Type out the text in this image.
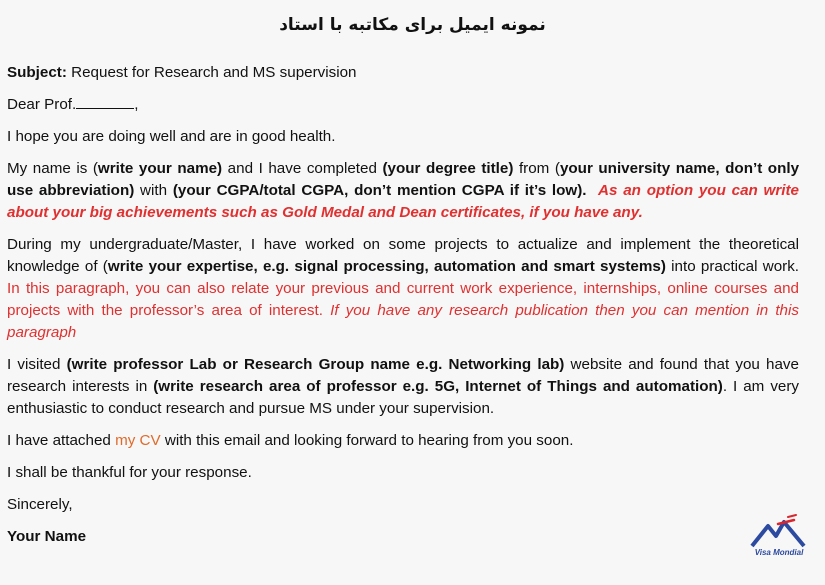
نمونه ایمیل برای مکاتبه با استاد

Subject: Request for Research and MS supervision

Dear Prof.	,

I hope you are doing well and are in good health.

My name is (write your name) and I have completed (your degree title) from (your university name, don’t only use abbreviation) with (your CGPA/total CGPA, don’t mention CGPA if it’s low). As an option you can write about your big achievements such as Gold Medal and Dean certificates, if you have any.

During my undergraduate/Master, I have worked on some projects to actualize and implement the theoretical knowledge of (write your expertise, e.g. signal processing, automation and smart systems) into practical work. In this paragraph, you can also relate your previous and current work experience, internships, online courses and projects with the professor’s area of interest. If you have any research publication then you can mention in this paragraph

I visited (write professor Lab or Research Group name e.g. Networking lab) website and found that you have research interests in (write research area of professor e.g. 5G, Internet of Things and automation). I am very enthusiastic to conduct research and pursue MS under your supervision.

I have attached my CV with this email and looking forward to hearing from you soon.

I shall be thankful for your response.

Sincerely,

Your Name

Visa Mondial
